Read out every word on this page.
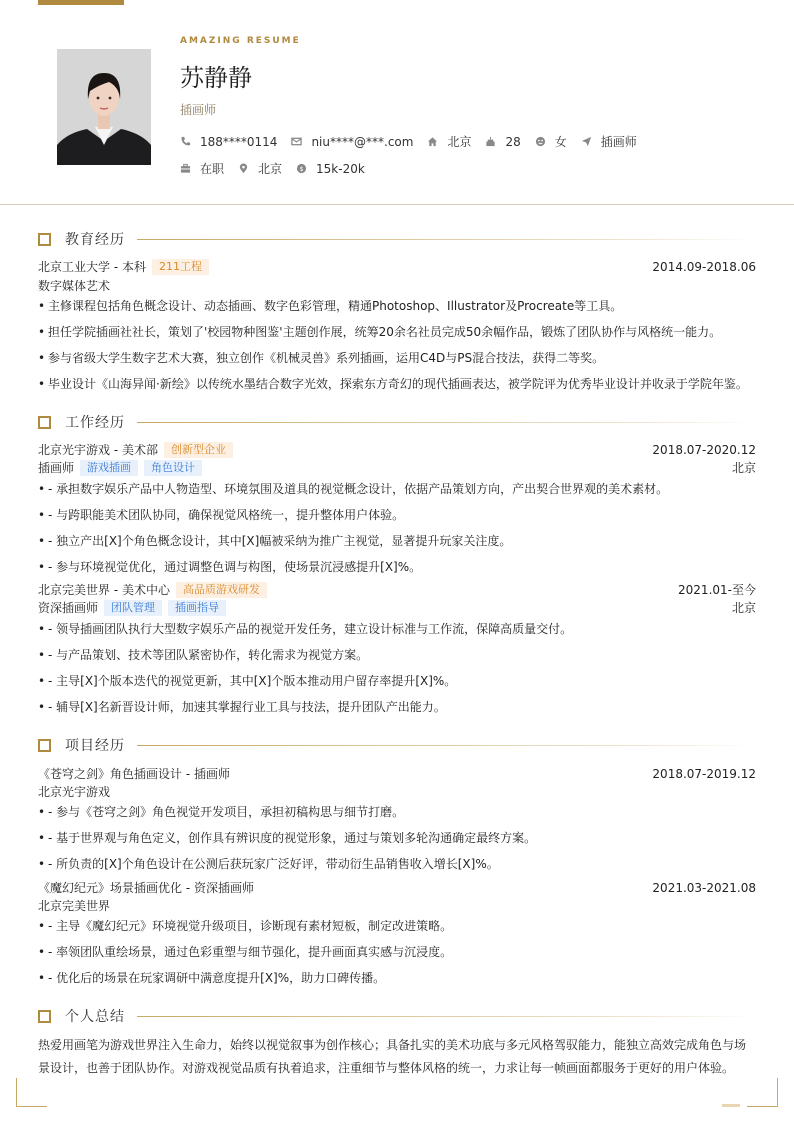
AMAZING RESUME
苏静静
插画师
188****0114	niu****@***.com	北京	28	女	插画师
在职	北京 $ 15k-20k
教育经历
北京工业大学 - 本科	211工程	2014.09-2018.06
数字媒体艺术
• 主修课程包括角色概念设计、动态插画、数字色彩管理，精通Photoshop、Illustrator及Procreate等工具。
• 担任学院插画社社长，策划了'校园物种图鉴'主题创作展，统筹20余名社员完成50余幅作品，锻炼了团队协作与风格统一能力。
• 参与省级大学生数字艺术大赛，独立创作《机械灵兽》系列插画，运用C4D与PS混合技法，获得二等奖。
• 毕业设计《山海异闻·新绘》以传统水墨结合数字光效，探索东方奇幻的现代插画表达，被学院评为优秀毕业设计并收录于学院年鉴。
工作经历
北京光宇游戏 - 美术部	创新型企业	2018.07-2020.12
插画师	游戏插画	角色设计	北京
• - 承担数字娱乐产品中人物造型、环境氛围及道具的视觉概念设计，依据产品策划方向，产出契合世界观的美术素材。
• - 与跨职能美术团队协同，确保视觉风格统一，提升整体用户体验。
• - 独立产出[X]个角色概念设计，其中[X]幅被采纳为推广主视觉，显著提升玩家关注度。
• - 参与环境视觉优化，通过调整色调与构图，使场景沉浸感提升[X]%。
北京完美世界 - 美术中心	高品质游戏研发	2021.01-至今
资深插画师	团队管理	插画指导	北京
• - 领导插画团队执行大型数字娱乐产品的视觉开发任务，建立设计标准与工作流，保障高质量交付。
• - 与产品策划、技术等团队紧密协作，转化需求为视觉方案。
• - 主导[X]个版本迭代的视觉更新，其中[X]个版本推动用户留存率提升[X]%。
• - 辅导[X]名新晋设计师，加速其掌握行业工具与技法，提升团队产出能力。
项目经历
《苍穹之剑》角色插画设计 - 插画师	2018.07-2019.12
北京光宇游戏
• - 参与《苍穹之剑》角色视觉开发项目，承担初稿构思与细节打磨。
• - 基于世界观与角色定义，创作具有辨识度的视觉形象，通过与策划多轮沟通确定最终方案。
• - 所负责的[X]个角色设计在公测后获玩家广泛好评，带动衍生品销售收入增长[X]%。
《魔幻纪元》场景插画优化 - 资深插画师	2021.03-2021.08
北京完美世界
• - 主导《魔幻纪元》环境视觉升级项目，诊断现有素材短板，制定改进策略。
• - 率领团队重绘场景，通过色彩重塑与细节强化，提升画面真实感与沉浸度。
• - 优化后的场景在玩家调研中满意度提升[X]%，助力口碑传播。
个人总结
热爱用画笔为游戏世界注入生命力，始终以视觉叙事为创作核心；具备扎实的美术功底与多元风格驾驭能力，能独立高效完成角色与场景设计，也善于团队协作。对游戏视觉品质有执着追求，注重细节与整体风格的统一，力求让每一帧画面都服务于更好的用户体验。
